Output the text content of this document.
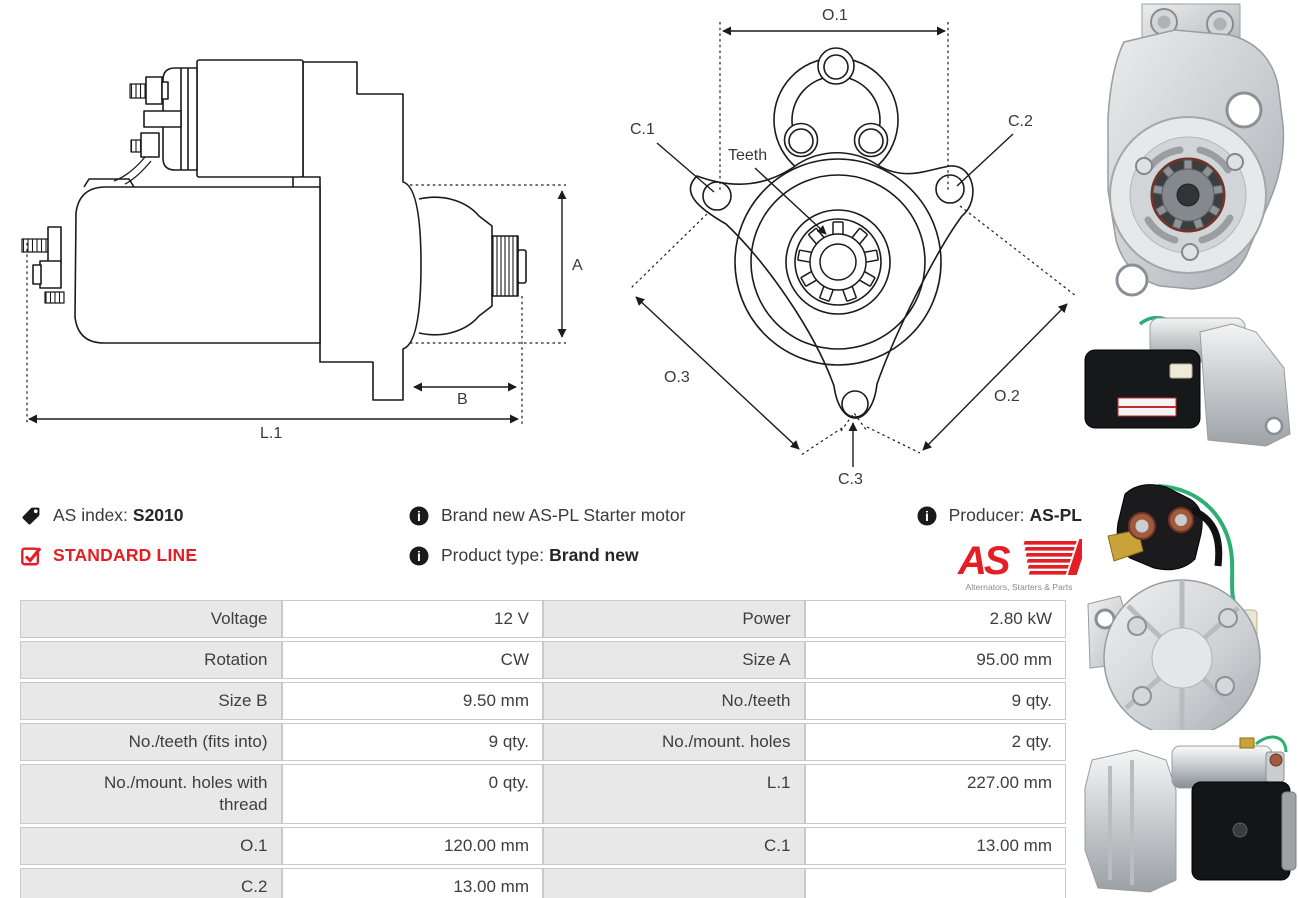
A
B
L.1
O.1
O.3
O.2
C.1	C.2
C.3
Teeth
AS index: S2010
STANDARD LINE
i Brand new AS-PL Starter motor
i Product type: Brand new
i Producer: AS-PL
AS
Alternators, Starters & Parts
Voltage	12 V	Power	2.80 kW
Rotation	CW	Size A	95.00 mm
Size B	9.50 mm	No./teeth	9 qty.
No./teeth (fits into)	9 qty.	No./mount. holes	2 qty.
No./mount. holes with thread	0 qty.	L.1	227.00 mm
O.1	120.00 mm	C.1	13.00 mm
C.2	13.00 mm		
